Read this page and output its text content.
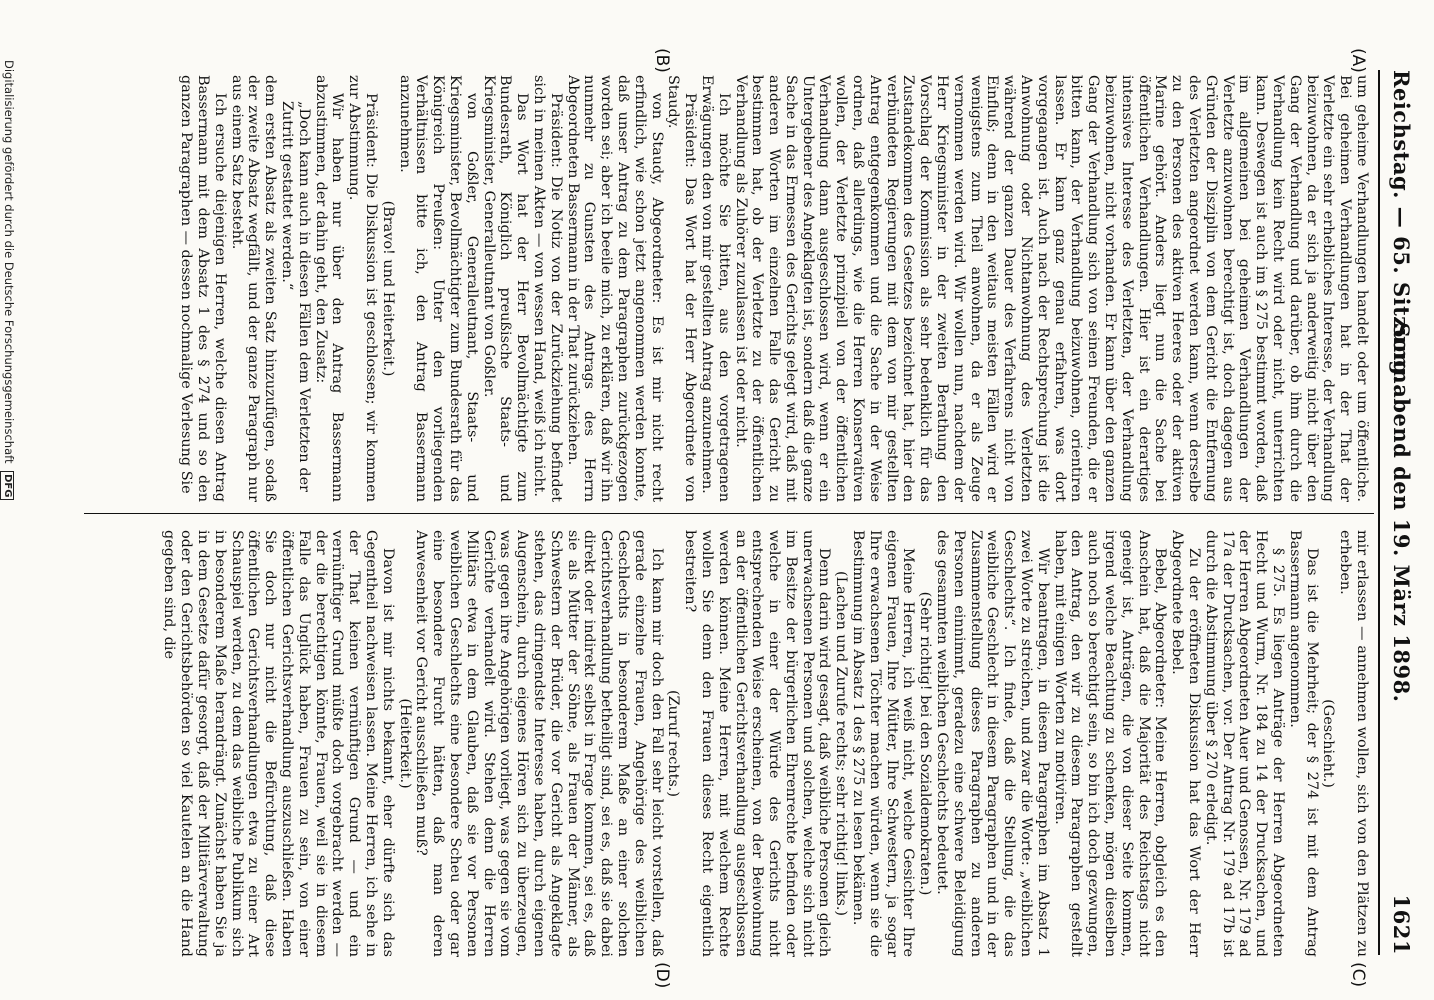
Reichstag. — 65. Sitzung.
Sonnabend den 19. März 1898.
1621
(A)
(B)
(C)
(D)

um geheime Verhandlungen handelt oder um öffentliche. Bei geheimen Verhandlungen hat in der That der Verletzte ein sehr erhebliches Interesse, der Verhandlung beizuwohnen, da er sich ja anderweitig nicht über den Gang der Verhandlung und darüber, ob ihm durch die Verhandlung kein Recht wird oder nicht, unterrichten kann. Deswegen ist auch im § 275 bestimmt worden, daß im allgemeinen bei geheimen Verhandlungen der Verletzte anzuwohnen berechtigt ist, doch dagegen aus Gründen der Disziplin von dem Gericht die Entfernung des Verletzten angeordnet werden kann, wenn derselbe zu den Personen des aktiven Heeres oder der aktiven Marine gehört. Anders liegt nun die Sache bei öffentlichen Verhandlungen. Hier ist ein derartiges intensives Interesse des Verletzten, der Verhandlung beizuwohnen, nicht vorhanden. Er kann über den ganzen Gang der Verhandlung sich von seinen Freunden, die er bitten kann, der Verhandlung beizuwohnen, orientiren lassen. Er kann ganz genau erfahren, was dort vorgegangen ist. Auch nach der Rechtsprechung ist die Anwohnung oder Nichtanwohnung des Verletzten während der ganzen Dauer des Verfahrens nicht von Einfluß; denn in den weitaus meisten Fällen wird er wenigstens zum Theil anwohnen, da er als Zeuge vernommen werden wird. Wir wollen nun, nachdem der Herr Kriegsminister in der zweiten Berathung den Vorschlag der Kommission als sehr bedenklich für das Zustandekommen des Gesetzes bezeichnet hat, hier den verbündeten Regierungen mit dem von mir gestellten Antrag entgegenkommen und die Sache in der Weise ordnen, daß allerdings, wie die Herren Konservativen wollen, der Verletzte prinzipiell von der öffentlichen Verhandlung dann ausgeschlossen wird, wenn er ein Untergebener des Angeklagten ist, sondern daß die ganze Sache in das Ermessen des Gerichts gelegt wird, daß mit anderen Worten im einzelnen Falle das Gericht zu bestimmen hat, ob der Verletzte zu der öffentlichen Verhandlung als Zuhörer zuzulassen ist oder nicht.

Ich möchte Sie bitten, aus den vorgetragenen Erwägungen den von mir gestellten Antrag anzunehmen.

Präsident: Das Wort hat der Herr Abgeordnete von Staudy.

von Staudy, Abgeordneter: Es ist mir nicht recht erfindlich, wie schon jetzt angenommen werden konnte, daß unser Antrag zu dem Paragraphen zurückgezogen worden sei; aber ich beeile mich, zu erklären, daß wir ihn nunmehr zu Gunsten des Antrags des Herrn Abgeordneten Bassermann in der That zurückziehen.

Präsident: Die Notiz von der Zurückziehung befindet sich in meinen Akten — von wessen Hand, weiß ich nicht.

Das Wort hat der Herr Bevollmächtigte zum Bundesrath, Königlich preußische Staats- und Kriegsminister, Generalleutnant von Goßler.

von Goßler, Generalleutnant, Staats- und Kriegsminister, Bevollmächtigter zum Bundesrath für das Königreich Preußen: Unter den vorliegenden Verhältnissen bitte ich, den Antrag Bassermann anzunehmen.

(Bravo! und Heiterkeit.)

Präsident: Die Diskussion ist geschlossen; wir kommen zur Abstimmung.

Wir haben nur über den Antrag Bassermann abzustimmen, der dahin geht, den Zusatz:

„Doch kann auch in diesen Fällen dem Verletzten der Zutritt gestattet werden.“

dem ersten Absatz als zweiten Satz hinzuzufügen, sodaß der zweite Absatz wegfällt, und der ganze Paragraph nur aus einem Satz besteht.

Ich ersuche diejenigen Herren, welche diesen Antrag Bassermann mit dem Absatz 1 des § 274 und so den ganzen Paragraphen — dessen nochmalige Verlesung Sie

mir erlassen — annehmen wollen, sich von den Plätzen zu erheben.

(Geschieht.)

Das ist die Mehrheit; der § 274 ist mit dem Antrag Bassermann angenommen.

§ 275. Es liegen Anträge der Herren Abgeordneten Hecht und Wurm, Nr. 184 zu 14 der Drucksachen, und der Herren Abgeordneten Auer und Genossen, Nr. 179 ad 17a der Drucksachen, vor. Der Antrag Nr. 179 ad 17b ist durch die Abstimmung über § 270 erledigt.

Zu der eröffneten Diskussion hat das Wort der Herr Abgeordnete Bebel.

Bebel, Abgeordneter: Meine Herren, obgleich es den Anschein hat, daß die Majorität des Reichstags nicht geneigt ist, Anträgen, die von dieser Seite kommen, irgend welche Beachtung zu schenken, mögen dieselben auch noch so berechtigt sein, so bin ich doch gezwungen, den Antrag, den wir zu diesem Paragraphen gestellt haben, mit einigen Worten zu motiviren.

Wir beantragen, in diesem Paragraphen im Absatz 1 zwei Worte zu streichen, und zwar die Worte: „weiblichen Geschlechts“. Ich finde, daß die Stellung, die das weibliche Geschlecht in diesem Paragraphen und in der Zusammenstellung dieses Paragraphen zu anderen Personen einnimmt, geradezu eine schwere Beleidigung des gesammten weiblichen Geschlechts bedeutet.

(Sehr richtig! bei den Sozialdemokraten.)

Meine Herren, ich weiß nicht, welche Gesichter Ihre eigenen Frauen, Ihre Mütter, Ihre Schwestern, ja sogar Ihre erwachsenen Töchter machen würden, wenn sie die Bestimmung im Absatz 1 des § 275 zu lesen bekämen.

(Lachen und Zurufe rechts; sehr richtig! links.)

Denn darin wird gesagt, daß weibliche Personen gleich unerwachsenen Personen und solchen, welche sich nicht im Besitze der bürgerlichen Ehrenrechte befinden oder welche in einer der Würde des Gerichts nicht entsprechenden Weise erscheinen, von der Beiwohnung an der öffentlichen Gerichtsverhandlung ausgeschlossen werden können. Meine Herren, mit welchem Rechte wollen Sie denn den Frauen dieses Recht eigentlich bestreiten?

(Zuruf rechts.)

Ich kann mir doch den Fall sehr leicht vorstellen, daß gerade einzelne Frauen, Angehörige des weiblichen Geschlechts in besonderem Maße an einer solchen Gerichtsverhandlung betheiligt sind, sei es, daß sie dabei direkt oder indirekt selbst in Frage kommen, sei es, daß sie als Mütter der Söhne, als Frauen der Männer, als Schwestern der Brüder, die vor Gericht als Angeklagte stehen, das dringendste Interesse haben, durch eigenen Augenschein, durch eigenes Hören sich zu überzeugen, was gegen ihre Angehörigen vorliegt, was gegen sie vom Gerichte verhandelt wird. Stehen denn die Herren Militärs etwa in dem Glauben, daß sie vor Personen weiblichen Geschlechts eine besondere Scheu oder gar eine besondere Furcht hätten, daß man deren Anwesenheit vor Gericht ausschließen muß?

(Heiterkeit.)

Davon ist mir nichts bekannt, eher dürfte sich das Gegentheil nachweisen lassen. Meine Herren, ich sehe in der That keinen vernünftigen Grund — und ein vernünftiger Grund müßte doch vorgebracht werden — der die berechtigen könnte, Frauen, weil sie in diesem Falle das Unglück haben, Frauen zu sein, von einer öffentlichen Gerichtsverhandlung auszuschließen. Haben Sie doch nur nicht die Befürchtung, daß diese öffentlichen Gerichtsverhandlungen etwa zu einer Art Schauspiel werden, zu dem das weibliche Publikum sich in besonderem Maße herandrängt. Zunächst haben Sie ja in dem Gesetze dafür gesorgt, daß der Militärverwaltung oder den Gerichtsbehörden so viel Kautelen an die Hand gegeben sind, die

Digitalisierung gefördert durch die Deutsche Forschungsgemeinschaft DFG
